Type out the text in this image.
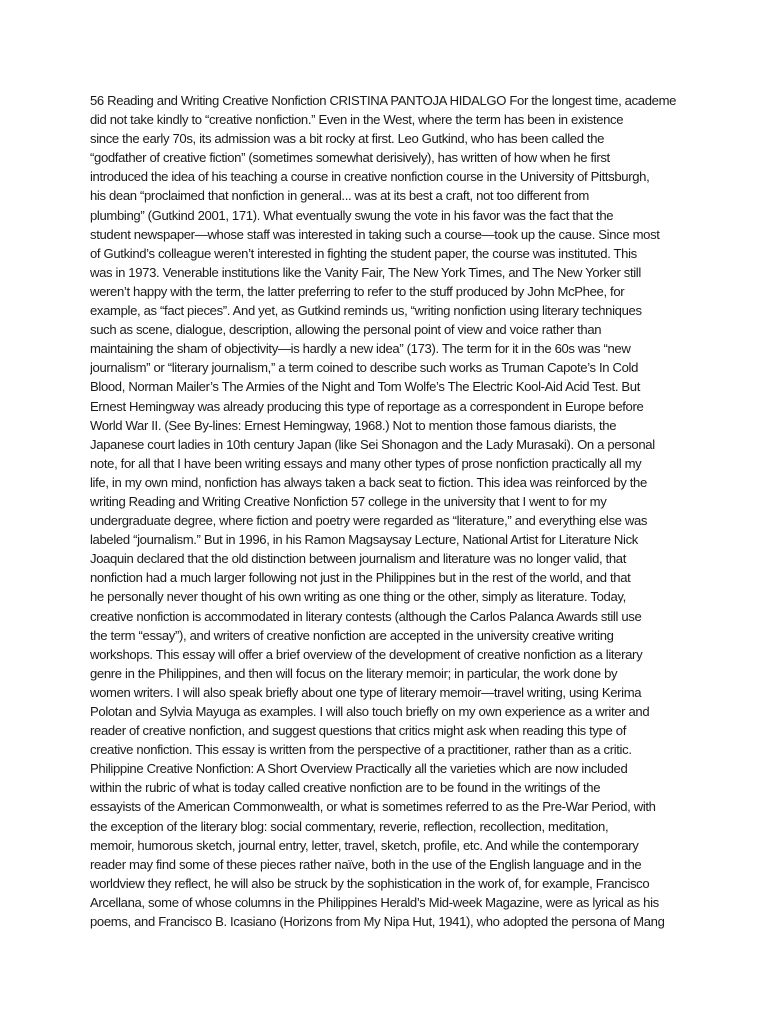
56 Reading and Writing Creative Nonfiction CRISTINA PANTOJA HIDALGO For the longest time, academe
did not take kindly to “creative nonfiction.” Even in the West, where the term has been in existence
since the early 70s, its admission was a bit rocky at first. Leo Gutkind, who has been called the
“godfather of creative fiction” (sometimes somewhat derisively), has written of how when he first
introduced the idea of his teaching a course in creative nonfiction course in the University of Pittsburgh,
his dean “proclaimed that nonfiction in general... was at its best a craft, not too different from
plumbing” (Gutkind 2001, 171). What eventually swung the vote in his favor was the fact that the
student newspaper—whose staff was interested in taking such a course—took up the cause. Since most
of Gutkind’s colleague weren’t interested in fighting the student paper, the course was instituted. This
was in 1973. Venerable institutions like the Vanity Fair, The New York Times, and The New Yorker still
weren’t happy with the term, the latter preferring to refer to the stuff produced by John McPhee, for
example, as “fact pieces”. And yet, as Gutkind reminds us, “writing nonfiction using literary techniques
such as scene, dialogue, description, allowing the personal point of view and voice rather than
maintaining the sham of objectivity—is hardly a new idea” (173). The term for it in the 60s was “new
journalism” or “literary journalism,” a term coined to describe such works as Truman Capote’s In Cold
Blood, Norman Mailer’s The Armies of the Night and Tom Wolfe’s The Electric Kool-Aid Acid Test. But
Ernest Hemingway was already producing this type of reportage as a correspondent in Europe before
World War II. (See By-lines: Ernest Hemingway, 1968.) Not to mention those famous diarists, the
Japanese court ladies in 10th century Japan (like Sei Shonagon and the Lady Murasaki). On a personal
note, for all that I have been writing essays and many other types of prose nonfiction practically all my
life, in my own mind, nonfiction has always taken a back seat to fiction. This idea was reinforced by the
writing Reading and Writing Creative Nonfiction 57 college in the university that I went to for my
undergraduate degree, where fiction and poetry were regarded as “literature,” and everything else was
labeled “journalism.” But in 1996, in his Ramon Magsaysay Lecture, National Artist for Literature Nick
Joaquin declared that the old distinction between journalism and literature was no longer valid, that
nonfiction had a much larger following not just in the Philippines but in the rest of the world, and that
he personally never thought of his own writing as one thing or the other, simply as literature. Today,
creative nonfiction is accommodated in literary contests (although the Carlos Palanca Awards still use
the term “essay”), and writers of creative nonfiction are accepted in the university creative writing
workshops. This essay will offer a brief overview of the development of creative nonfiction as a literary
genre in the Philippines, and then will focus on the literary memoir; in particular, the work done by
women writers. I will also speak briefly about one type of literary memoir—travel writing, using Kerima
Polotan and Sylvia Mayuga as examples. I will also touch briefly on my own experience as a writer and
reader of creative nonfiction, and suggest questions that critics might ask when reading this type of
creative nonfiction. This essay is written from the perspective of a practitioner, rather than as a critic.
Philippine Creative Nonfiction: A Short Overview Practically all the varieties which are now included
within the rubric of what is today called creative nonfiction are to be found in the writings of the
essayists of the American Commonwealth, or what is sometimes referred to as the Pre-War Period, with
the exception of the literary blog: social commentary, reverie, reflection, recollection, meditation,
memoir, humorous sketch, journal entry, letter, travel, sketch, profile, etc. And while the contemporary
reader may find some of these pieces rather naïve, both in the use of the English language and in the
worldview they reflect, he will also be struck by the sophistication in the work of, for example, Francisco
Arcellana, some of whose columns in the Philippines Herald’s Mid-week Magazine, were as lyrical as his
poems, and Francisco B. Icasiano (Horizons from My Nipa Hut, 1941), who adopted the persona of Mang
